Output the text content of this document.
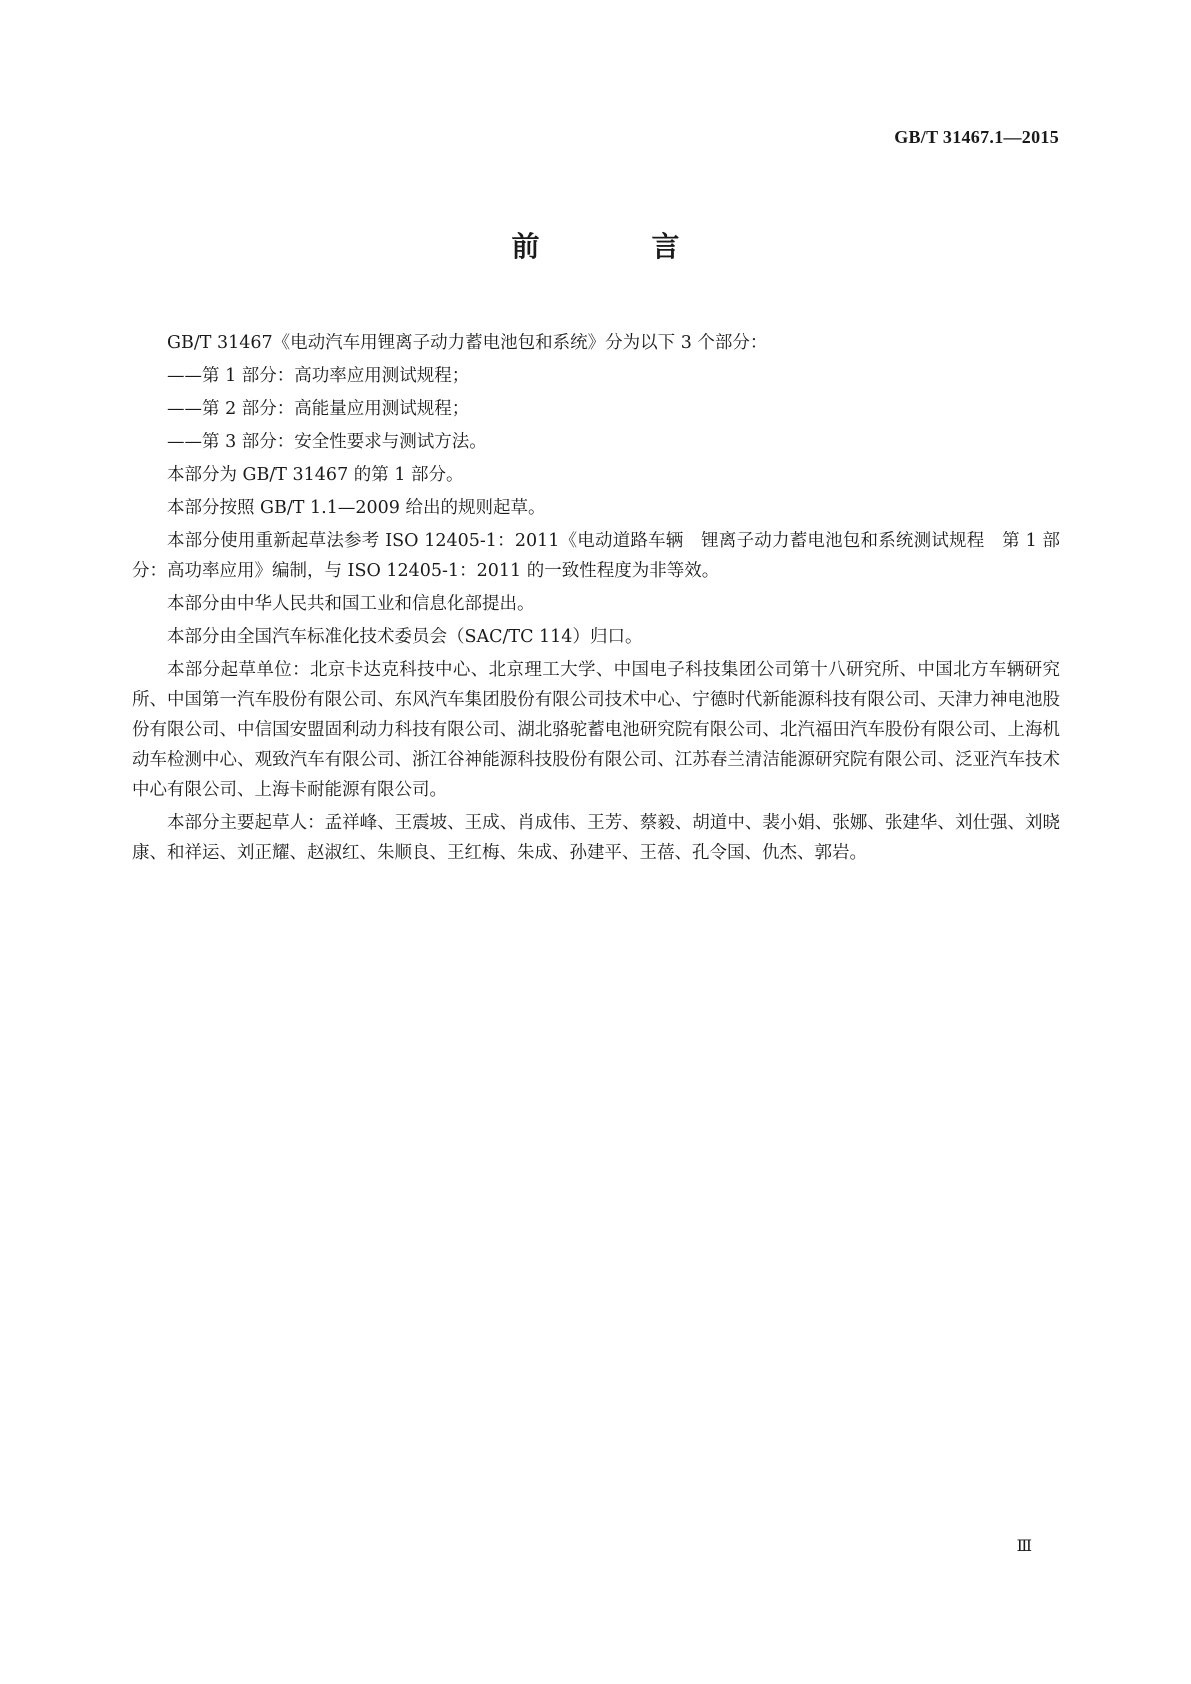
GB/T 31467.1—2015
前　言

GB/T 31467《电动汽车用锂离子动力蓄电池包和系统》分为以下 3 个部分：

——第 1 部分：高功率应用测试规程；

——第 2 部分：高能量应用测试规程；

——第 3 部分：安全性要求与测试方法。

本部分为 GB/T 31467 的第 1 部分。

本部分按照 GB/T 1.1—2009 给出的规则起草。

本部分使用重新起草法参考 ISO 12405-1：2011《电动道路车辆　锂离子动力蓄电池包和系统测试规程　第 1 部分：高功率应用》编制，与 ISO 12405-1：2011 的一致性程度为非等效。

本部分由中华人民共和国工业和信息化部提出。

本部分由全国汽车标准化技术委员会（SAC/TC 114）归口。

本部分起草单位：北京卡达克科技中心、北京理工大学、中国电子科技集团公司第十八研究所、中国北方车辆研究所、中国第一汽车股份有限公司、东风汽车集团股份有限公司技术中心、宁德时代新能源科技有限公司、天津力神电池股份有限公司、中信国安盟固利动力科技有限公司、湖北骆驼蓄电池研究院有限公司、北汽福田汽车股份有限公司、上海机动车检测中心、观致汽车有限公司、浙江谷神能源科技股份有限公司、江苏春兰清洁能源研究院有限公司、泛亚汽车技术中心有限公司、上海卡耐能源有限公司。

本部分主要起草人：孟祥峰、王震坡、王成、肖成伟、王芳、蔡毅、胡道中、裴小娟、张娜、张建华、刘仕强、刘晓康、和祥运、刘正耀、赵淑红、朱顺良、王红梅、朱成、孙建平、王蓓、孔令国、仇杰、郭岩。

Ⅲ
